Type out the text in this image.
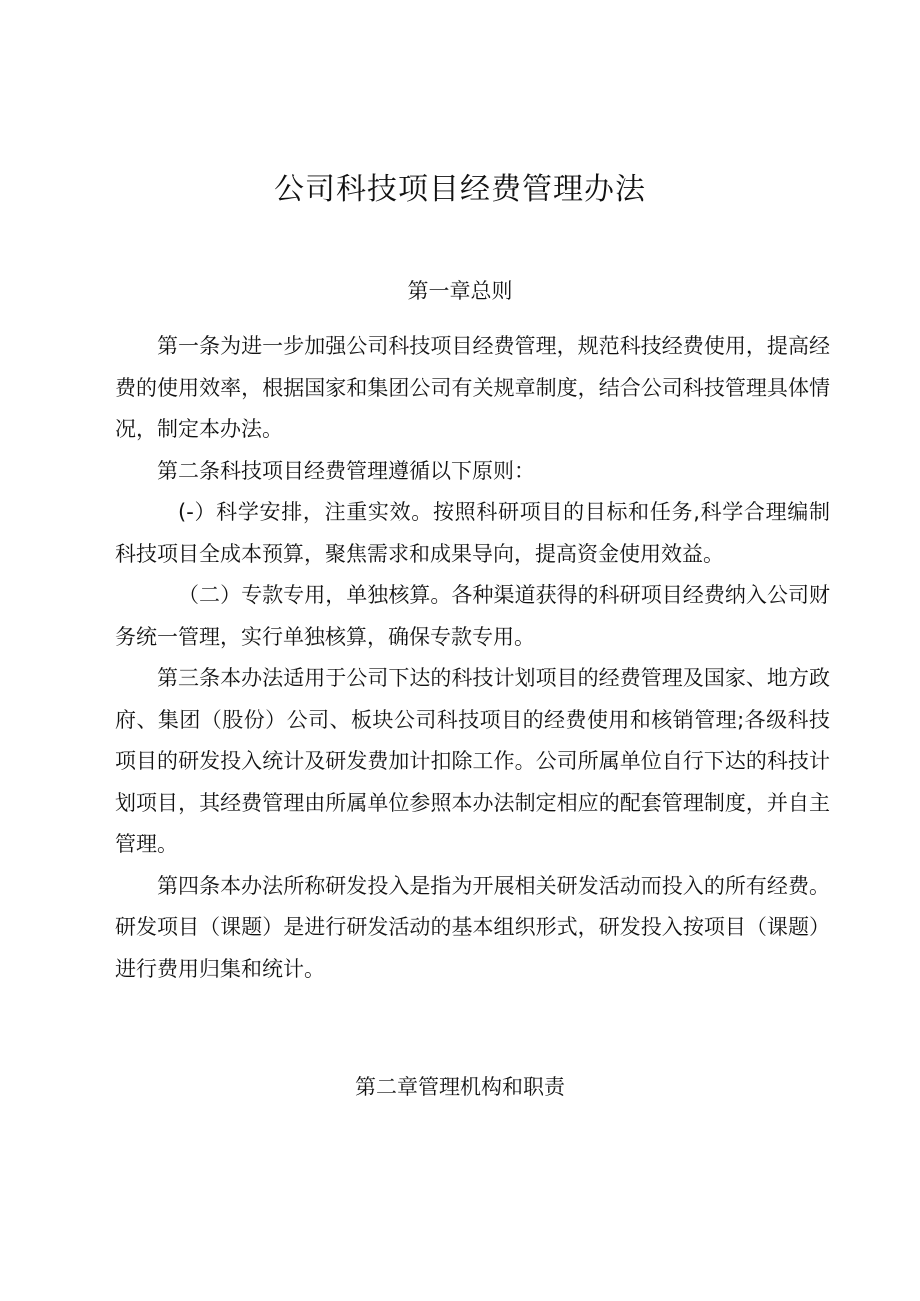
公司科技项目经费管理办法
第一章总则

第一条为进一步加强公司科技项目经费管理，规范科技经费使用，提高经费的使用效率，根据国家和集团公司有关规章制度，结合公司科技管理具体情况，制定本办法。

第二条科技项目经费管理遵循以下原则：

(-）科学安排，注重实效。按照科研项目的目标和任务,科学合理编制科技项目全成本预算，聚焦需求和成果导向，提高资金使用效益。

（二）专款专用，单独核算。各种渠道获得的科研项目经费纳入公司财务统一管理，实行单独核算，确保专款专用。

第三条本办法适用于公司下达的科技计划项目的经费管理及国家、地方政府、集团（股份）公司、板块公司科技项目的经费使用和核销管理;各级科技项目的研发投入统计及研发费加计扣除工作。公司所属单位自行下达的科技计划项目，其经费管理由所属单位参照本办法制定相应的配套管理制度，并自主管理。

第四条本办法所称研发投入是指为开展相关研发活动而投入的所有经费。研发项目（课题）是进行研发活动的基本组织形式，研发投入按项目（课题）进行费用归集和统计。

第二章管理机构和职责
